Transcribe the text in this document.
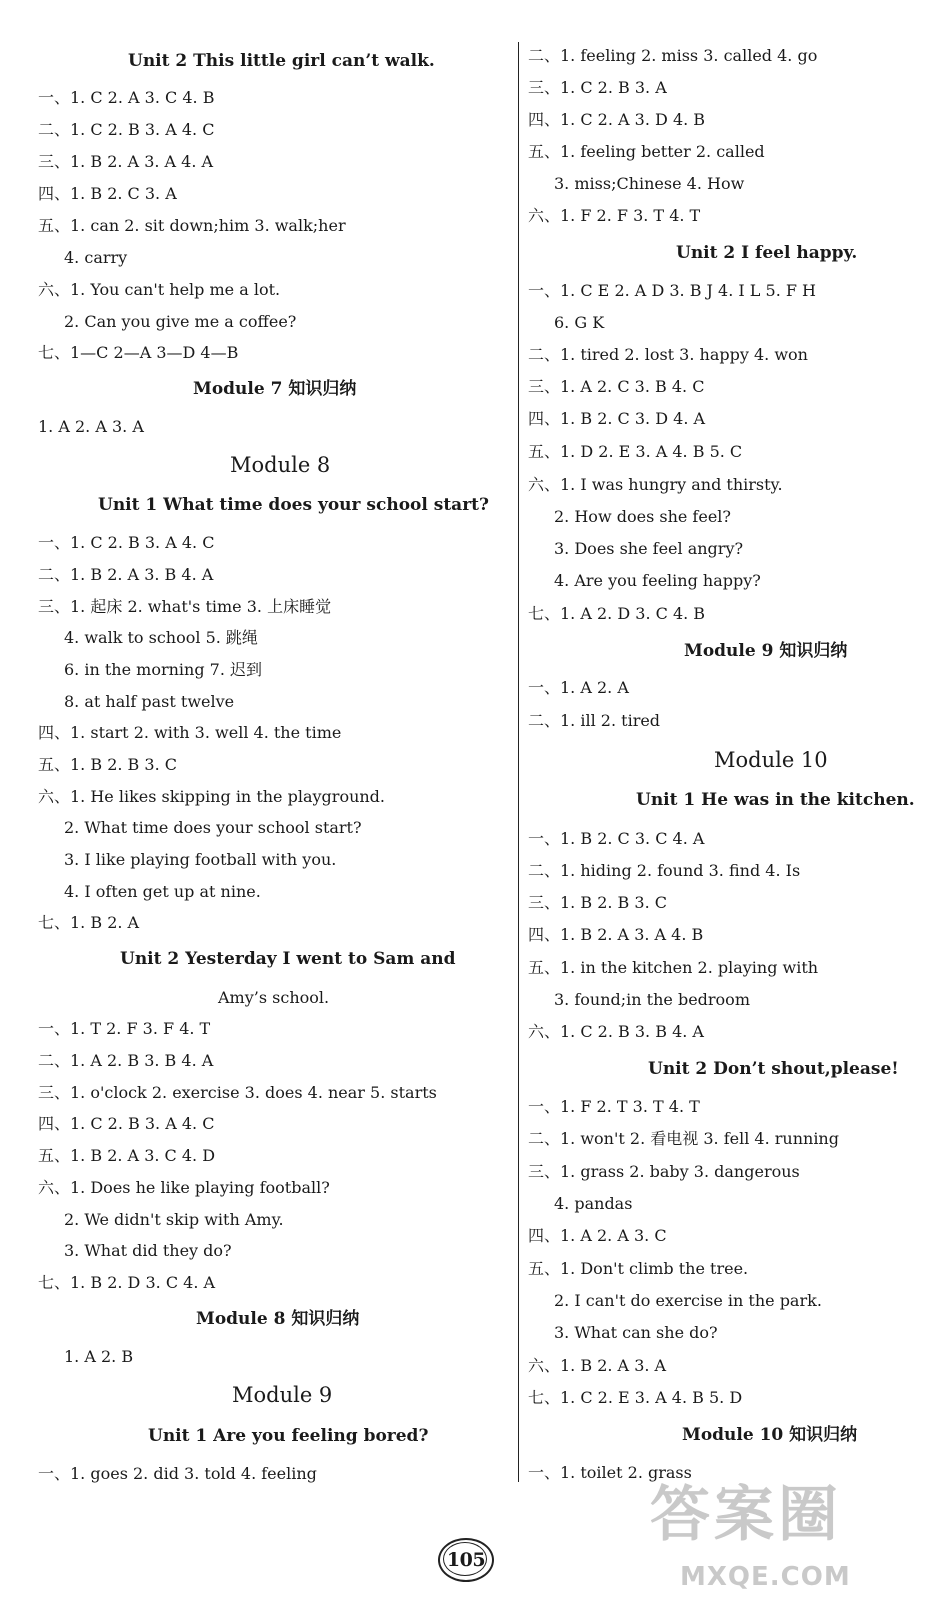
Unit 2 This little girl can’t walk.
一、1. C 2. A 3. C 4. B
二、1. C 2. B 3. A 4. C
三、1. B 2. A 3. A 4. A
四、1. B 2. C 3. A
五、1. can 2. sit down;him 3. walk;her
4. carry
六、1. You can't help me a lot.
2. Can you give me a coffee?
七、1—C 2—A 3—D 4—B
Module 7 知识归纳
1. A 2. A 3. A
Module 8
Unit 1 What time does your school start?
一、1. C 2. B 3. A 4. C
二、1. B 2. A 3. B 4. A
三、1. 起床 2. what's time 3. 上床睡觉
4. walk to school 5. 跳绳
6. in the morning 7. 迟到
8. at half past twelve
四、1. start 2. with 3. well 4. the time
五、1. B 2. B 3. C
六、1. He likes skipping in the playground.
2. What time does your school start?
3. I like playing football with you.
4. I often get up at nine.
七、1. B 2. A
Unit 2 Yesterday I went to Sam and
Amy’s school.
一、1. T 2. F 3. F 4. T
二、1. A 2. B 3. B 4. A
三、1. o'clock 2. exercise 3. does 4. near 5. starts
四、1. C 2. B 3. A 4. C
五、1. B 2. A 3. C 4. D
六、1. Does he like playing football?
2. We didn't skip with Amy.
3. What did they do?
七、1. B 2. D 3. C 4. A
Module 8 知识归纳
1. A 2. B
Module 9
Unit 1 Are you feeling bored?
一、1. goes 2. did 3. told 4. feeling
二、1. feeling 2. miss 3. called 4. go
三、1. C 2. B 3. A
四、1. C 2. A 3. D 4. B
五、1. feeling better 2. called
3. miss;Chinese 4. How
六、1. F 2. F 3. T 4. T
Unit 2 I feel happy.
一、1. C E 2. A D 3. B J 4. I L 5. F H
6. G K
二、1. tired 2. lost 3. happy 4. won
三、1. A 2. C 3. B 4. C
四、1. B 2. C 3. D 4. A
五、1. D 2. E 3. A 4. B 5. C
六、1. I was hungry and thirsty.
2. How does she feel?
3. Does she feel angry?
4. Are you feeling happy?
七、1. A 2. D 3. C 4. B
Module 9 知识归纳
一、1. A 2. A
二、1. ill 2. tired
Module 10
Unit 1 He was in the kitchen.
一、1. B 2. C 3. C 4. A
二、1. hiding 2. found 3. find 4. Is
三、1. B 2. B 3. C
四、1. B 2. A 3. A 4. B
五、1. in the kitchen 2. playing with
3. found;in the bedroom
六、1. C 2. B 3. B 4. A
Unit 2 Don’t shout,please!
一、1. F 2. T 3. T 4. T
二、1. won't 2. 看电视 3. fell 4. running
三、1. grass 2. baby 3. dangerous
4. pandas
四、1. A 2. A 3. C
五、1. Don't climb the tree.
2. I can't do exercise in the park.
3. What can she do?
六、1. B 2. A 3. A
七、1. C 2. E 3. A 4. B 5. D
Module 10 知识归纳
一、1. toilet 2. grass
105
答案圈
MXQE.COM
